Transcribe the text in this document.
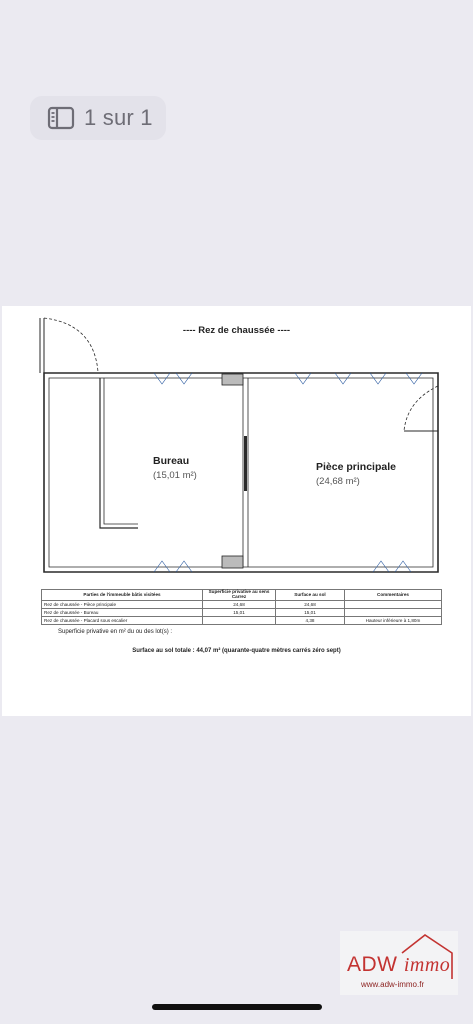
1 sur 1
---- Rez de chaussée ----
Bureau
(15,01 m²)
Pièce principale
(24,68 m²)
Parties de l'immeuble bâtis visitées	Superficie privative au sens Carrez	Surface au sol	Commentaires
Rez de chaussée - Pièce principale	24,68	24,68	
Rez de chaussée - Bureau	15,01	15,01	
Rez de chaussée - Placard sous escalier		4,38	Hauteur inférieure à 1,80m
Superficie privative en m² du ou des lot(s) :
Surface au sol totale : 44,07 m² (quarante-quatre mètres carrés zéro sept)
ADW immo
www.adw-immo.fr
